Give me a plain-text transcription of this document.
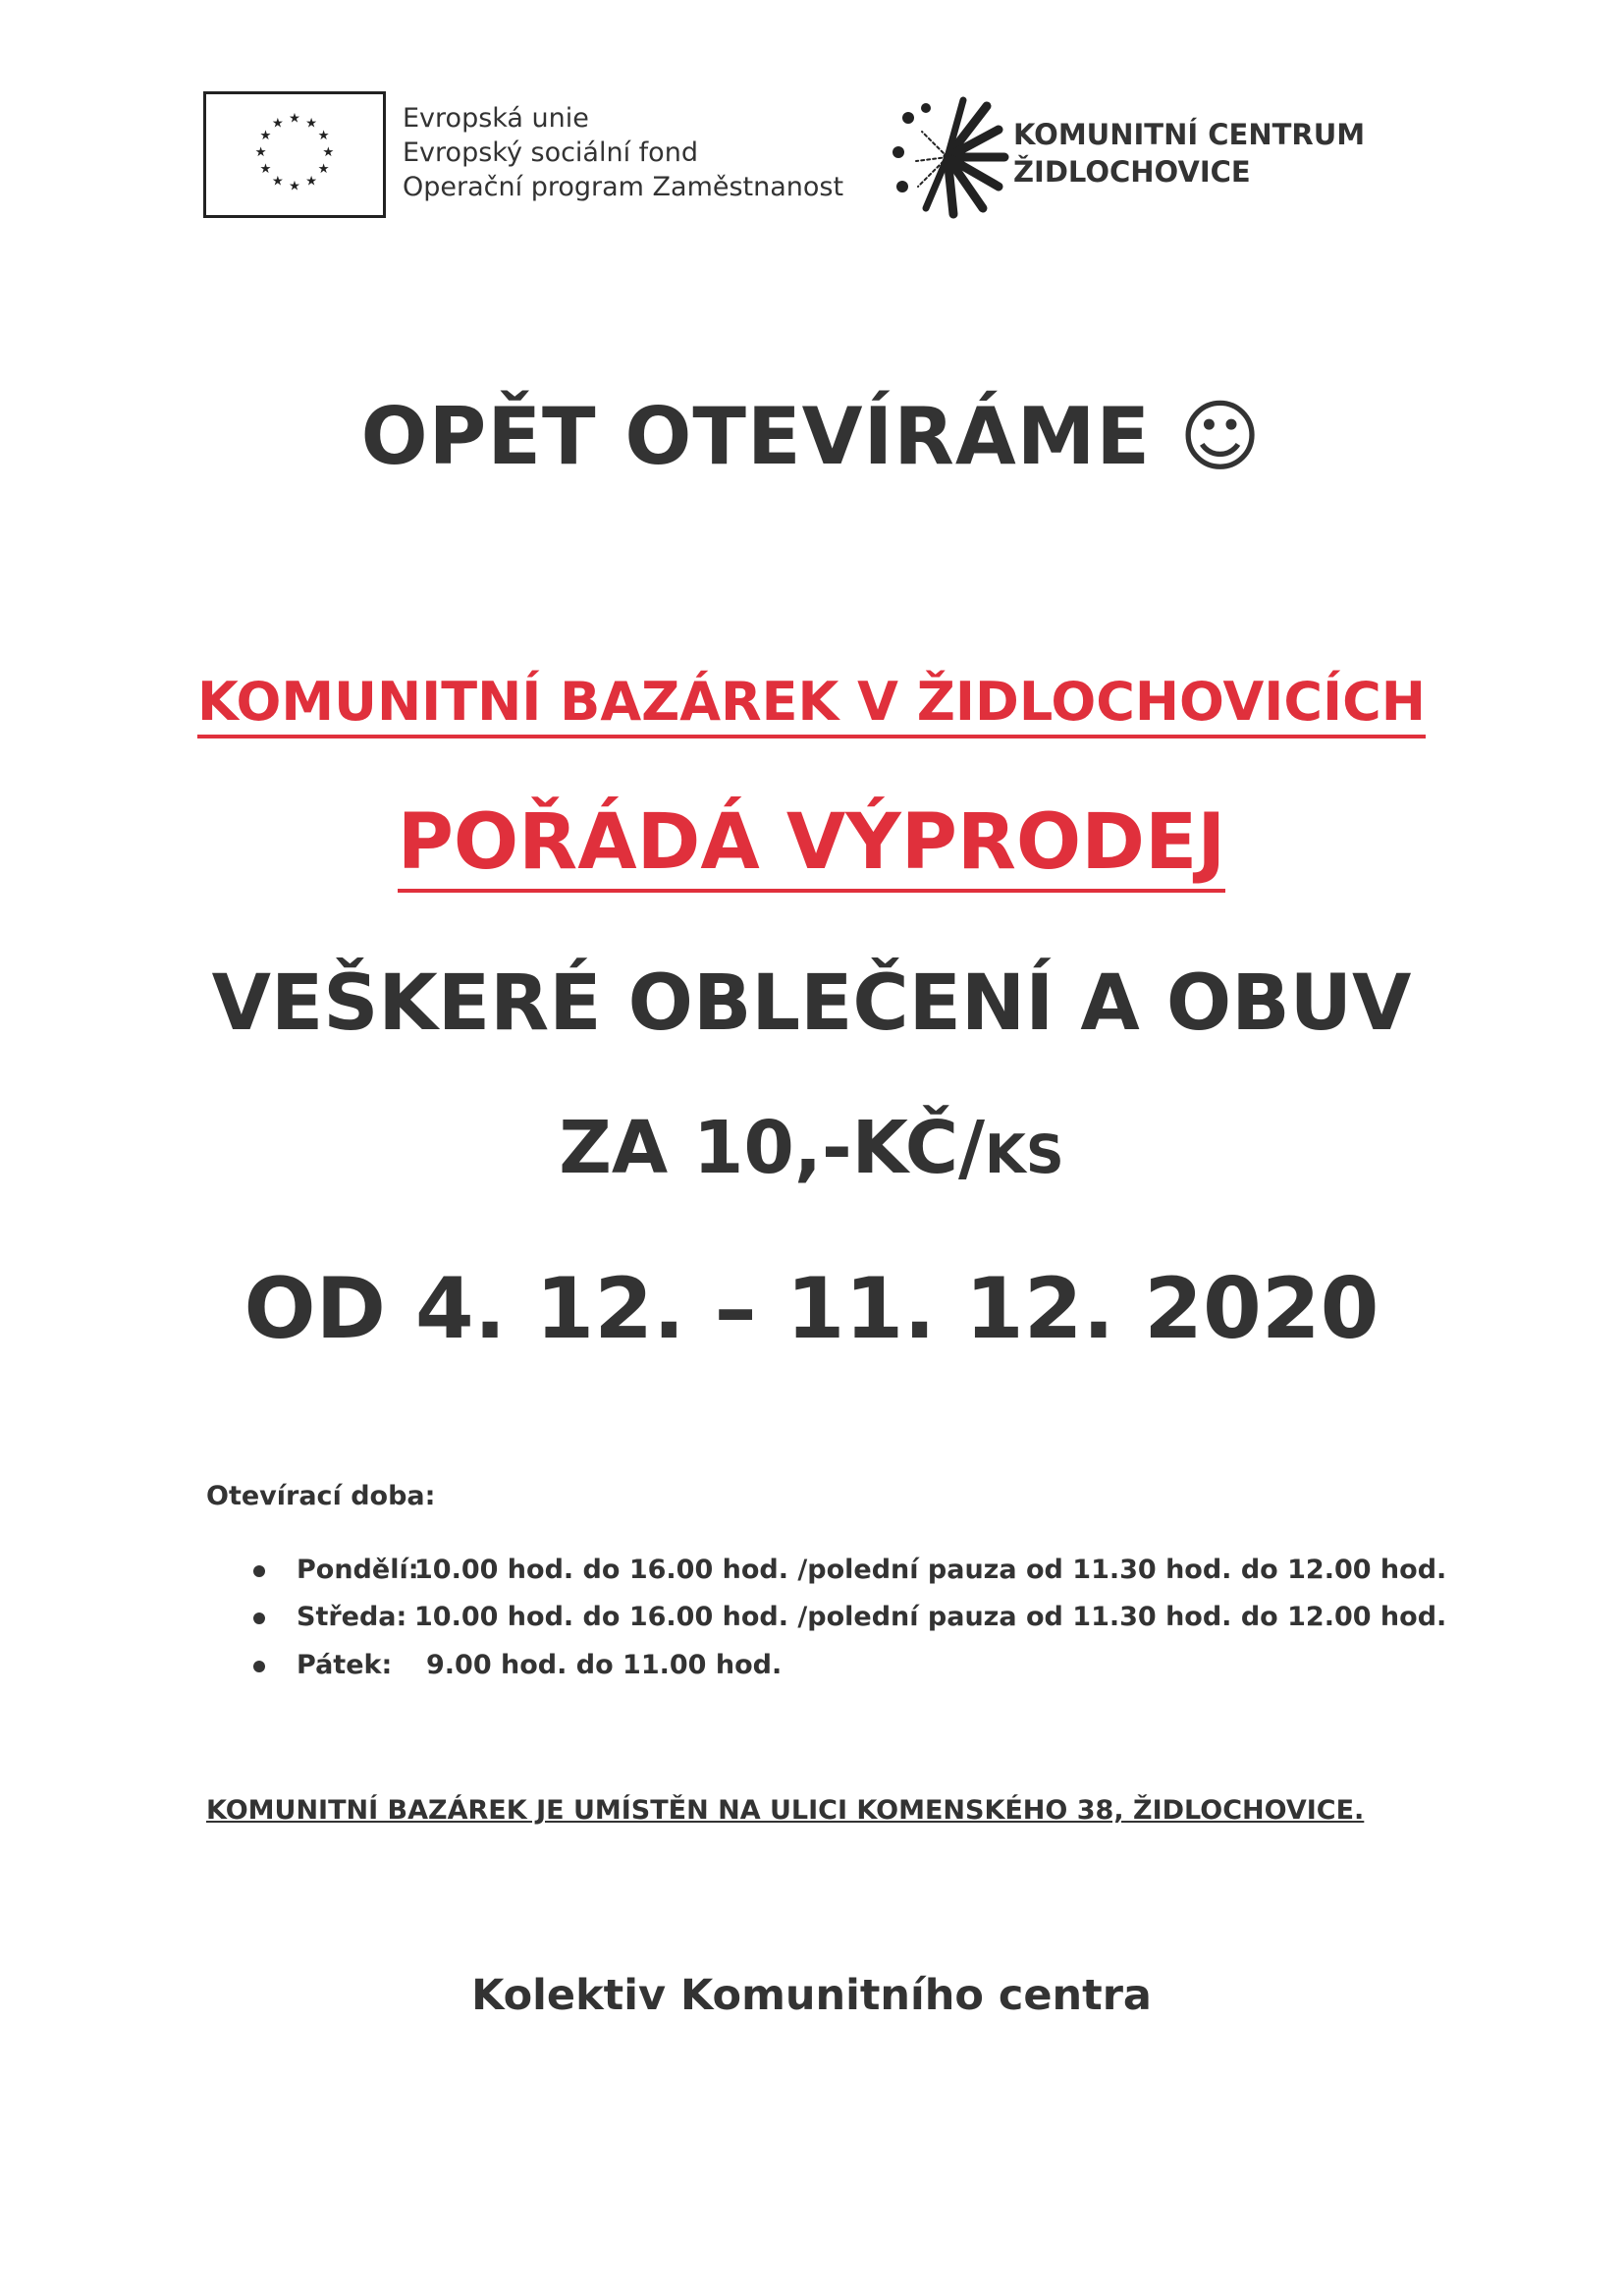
★ ★
★
★
★
★
★
★
★
★
★
★	Evropská unie
Evropský sociální fond
Operační program Zaměstnanost
KOMUNITNÍ CENTRUM
ŽIDLOCHOVICE
OPĚT OTEVÍRÁME ☺
KOMUNITNÍ BAZÁREK V ŽIDLOCHOVICÍCH
POŘÁDÁ VÝPRODEJ
VEŠKERÉ OBLEČENÍ A OBUV
ZA 10,-KČ/KS
OD 4. 12. – 11. 12. 2020
Otevírací doba:
Pondělí:10.00 hod. do 16.00 hod. /polední pauza od 11.30 hod. do 12.00 hod.
Středa: 10.00 hod. do 16.00 hod. /polední pauza od 11.30 hod. do 12.00 hod.
Pátek: 9.00 hod. do 11.00 hod.
KOMUNITNÍ BAZÁREK JE UMÍSTĚN NA ULICI KOMENSKÉHO 38, ŽIDLOCHOVICE.
Kolektiv Komunitního centra
